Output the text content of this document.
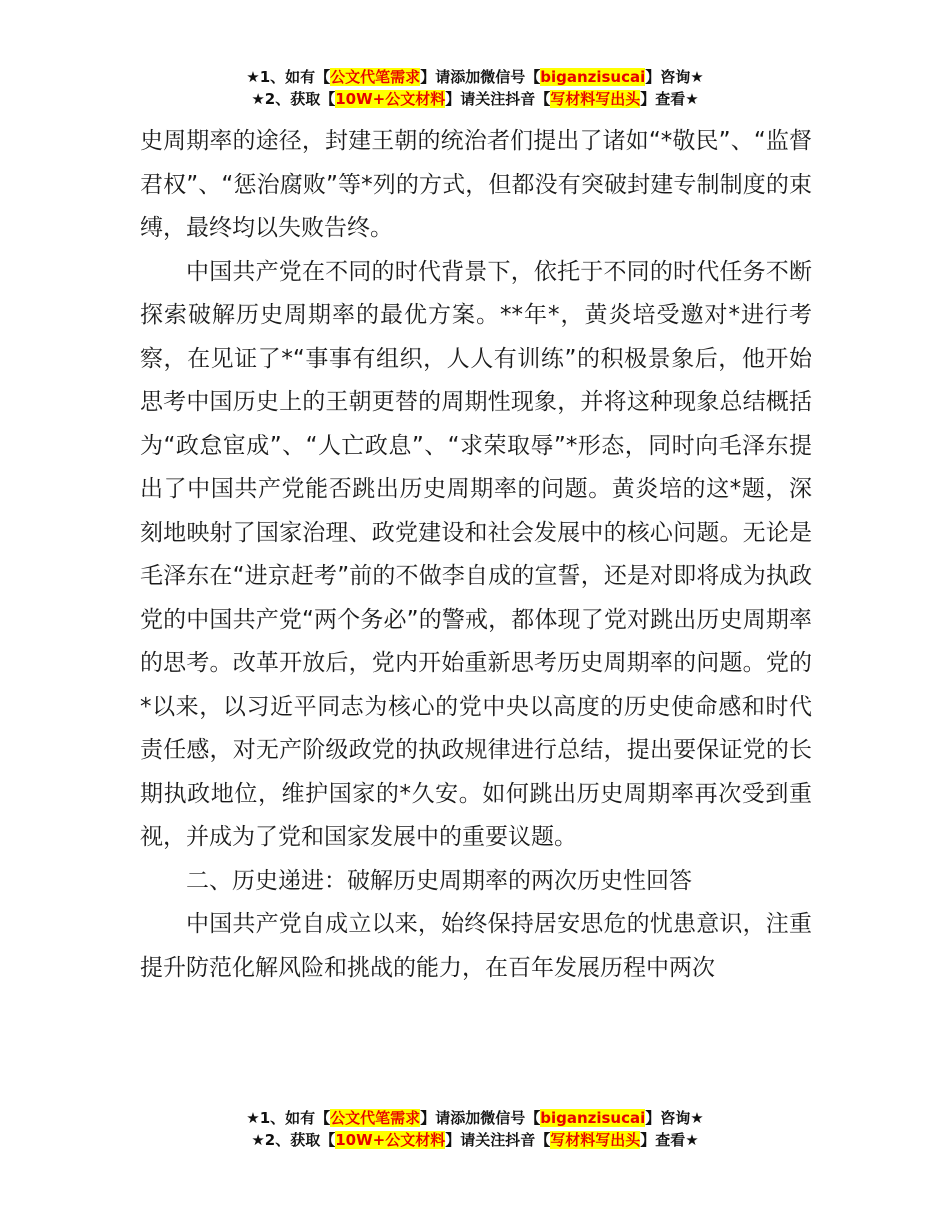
★1、如有【公文代笔需求】请添加微信号【biganzisucai】咨询★
★2、获取【10W+公文材料】请关注抖音【写材料写出头】查看★

史周期率的途径，封建王朝的统治者们提出了诸如“*敬民”、“监督君权”、“惩治腐败”等*列的方式，但都没有突破封建专制制度的束缚，最终均以失败告终。

中国共产党在不同的时代背景下，依托于不同的时代任务不断探索破解历史周期率的最优方案。**年*，黄炎培受邀对*进行考察，在见证了*“事事有组织，人人有训练”的积极景象后，他开始思考中国历史上的王朝更替的周期性现象，并将这种现象总结概括为“政怠宦成”、“人亡政息”、“求荣取辱”*形态，同时向毛泽东提出了中国共产党能否跳出历史周期率的问题。黄炎培的这*题，深刻地映射了国家治理、政党建设和社会发展中的核心问题。无论是毛泽东在“进京赶考”前的不做李自成的宣誓，还是对即将成为执政党的中国共产党“两个务必”的警戒，都体现了党对跳出历史周期率的思考。改革开放后，党内开始重新思考历史周期率的问题。党的*以来，以习近平同志为核心的党中央以高度的历史使命感和时代责任感，对无产阶级政党的执政规律进行总结，提出要保证党的长期执政地位，维护国家的*久安。如何跳出历史周期率再次受到重视，并成为了党和国家发展中的重要议题。

二、历史递进：破解历史周期率的两次历史性回答

中国共产党自成立以来，始终保持居安思危的忧患意识，注重提升防范化解风险和挑战的能力，在百年发展历程中两次

★1、如有【公文代笔需求】请添加微信号【biganzisucai】咨询★
★2、获取【10W+公文材料】请关注抖音【写材料写出头】查看★
